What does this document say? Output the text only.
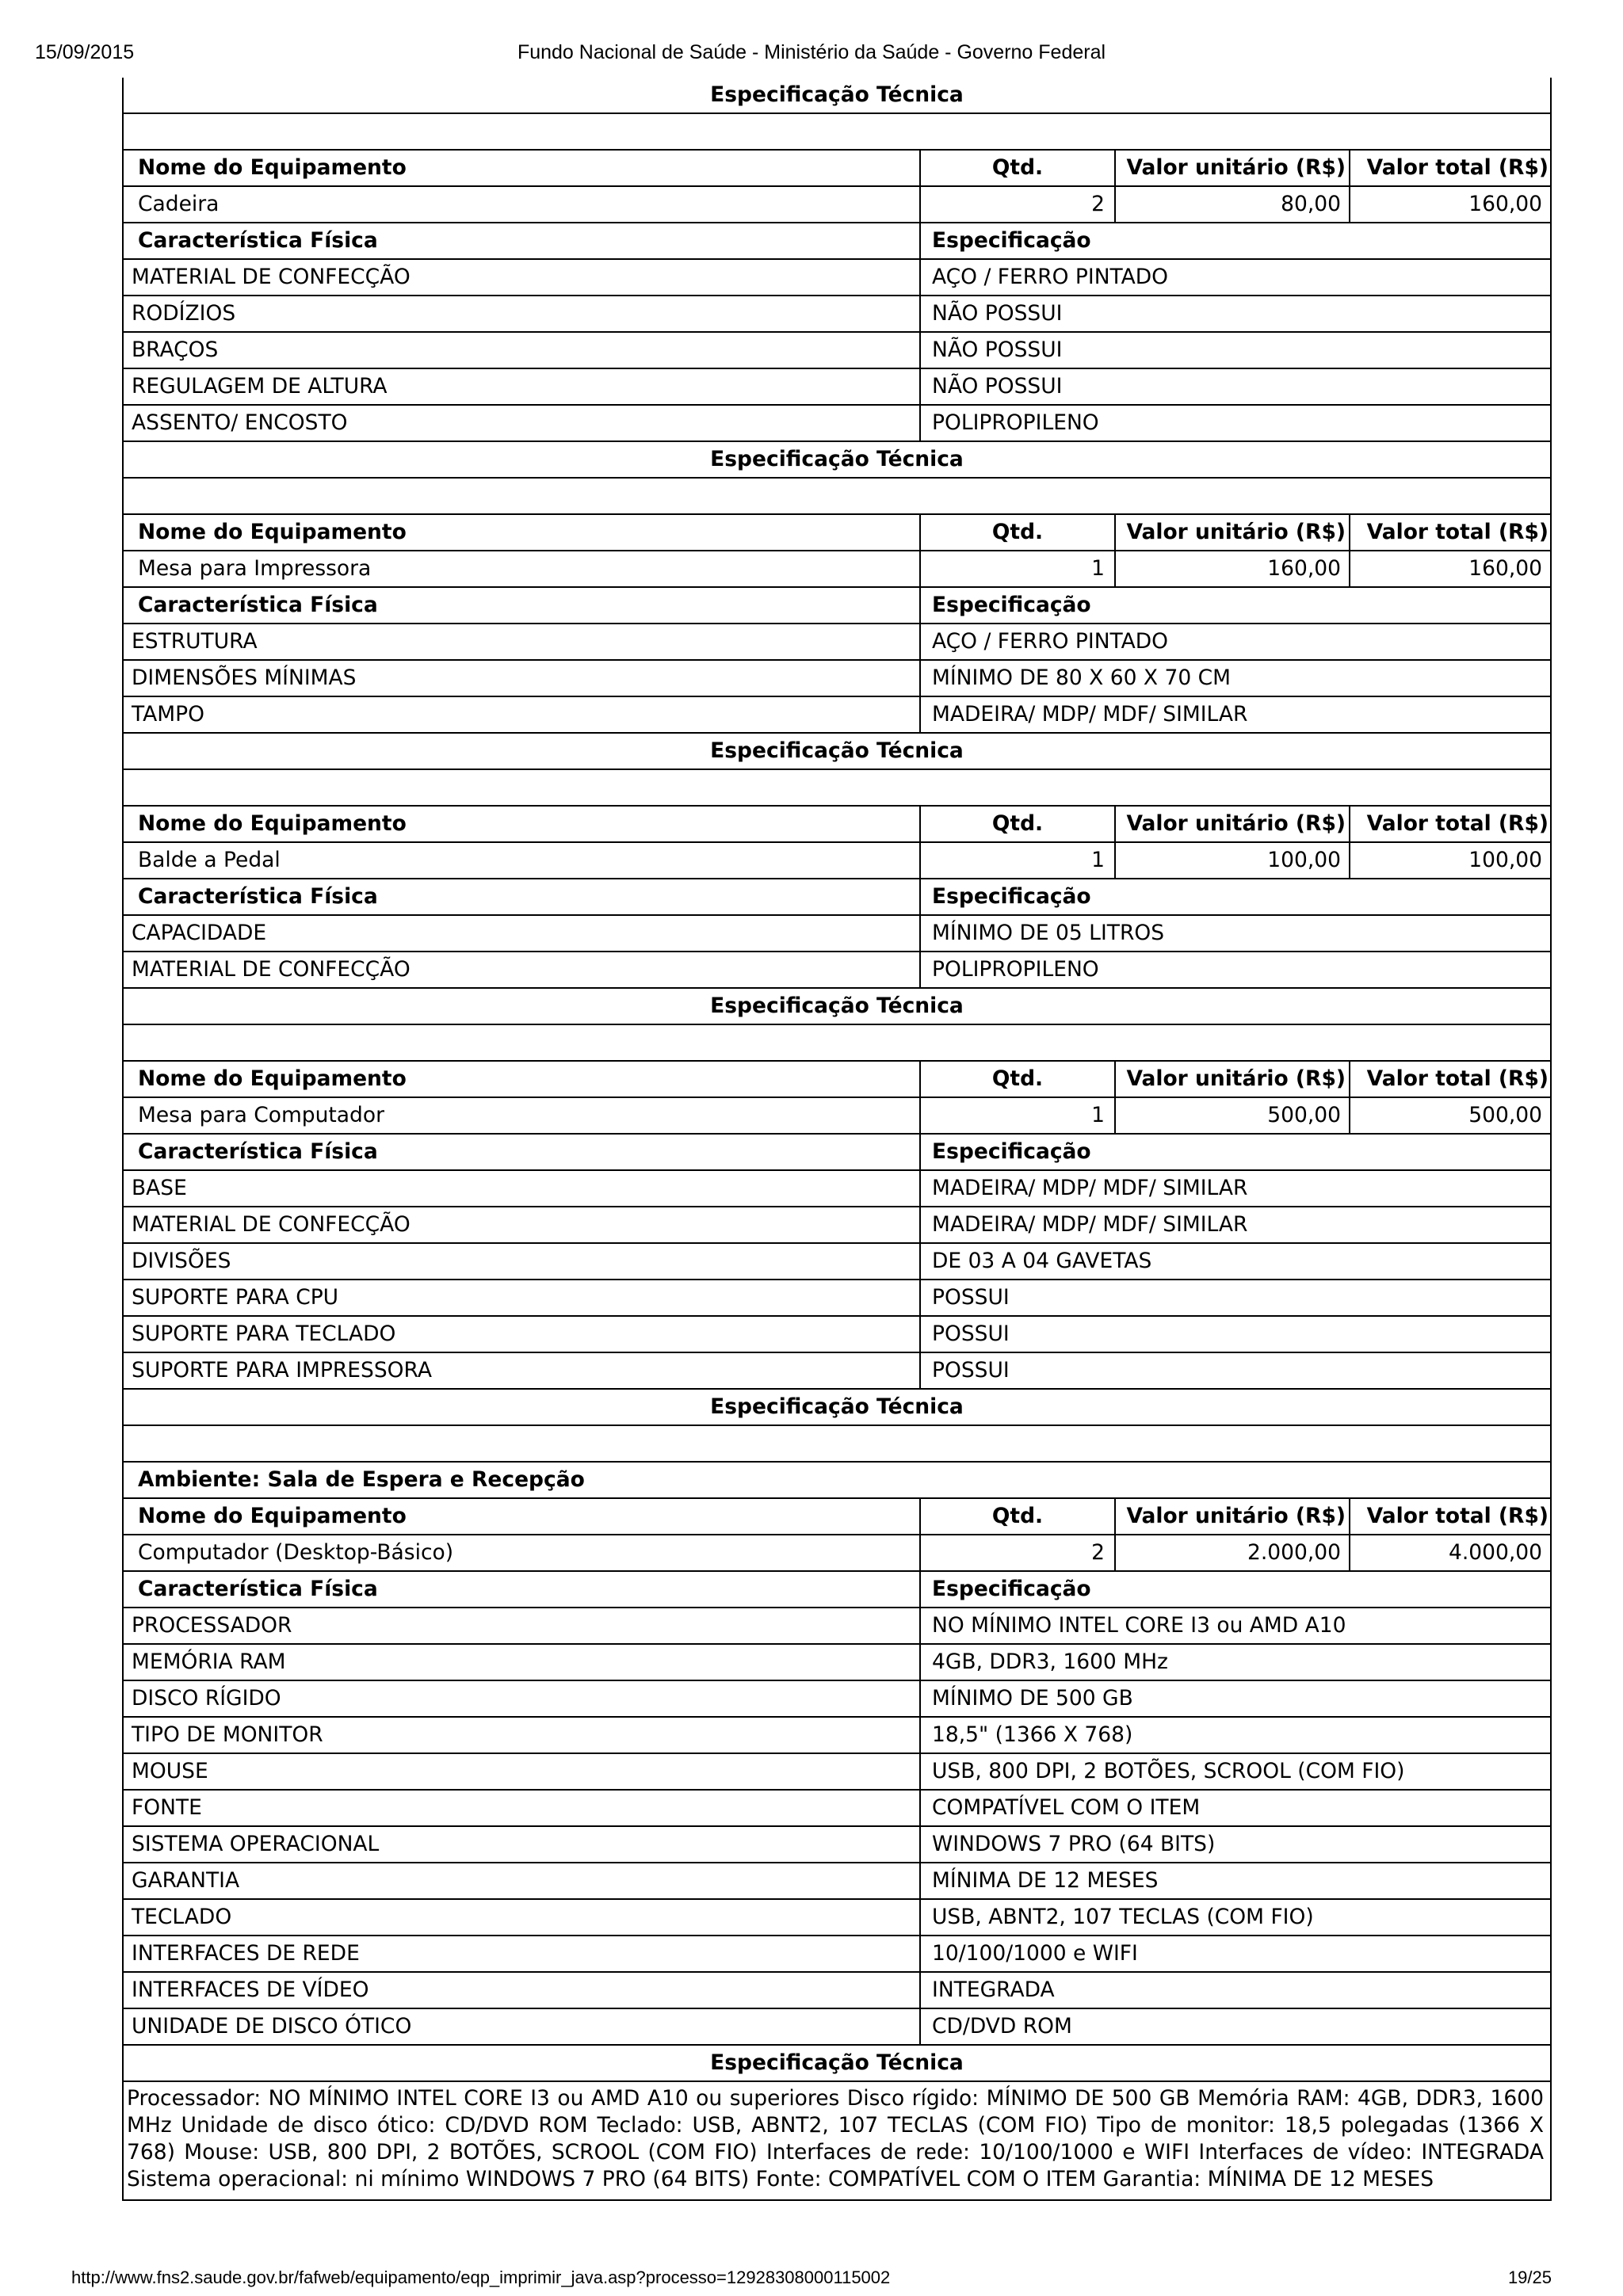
15/09/2015	Fundo Nacional de Saúde - Ministério da Saúde - Governo Federal
Especificação Técnica
Nome do Equipamento	Qtd.	Valor unitário (R$)	Valor total (R$)
Cadeira	2	80,00	160,00
Característica Física	Especificação
MATERIAL DE CONFECÇÃO	AÇO / FERRO PINTADO
RODÍZIOS	NÃO POSSUI
BRAÇOS	NÃO POSSUI
REGULAGEM DE ALTURA	NÃO POSSUI
ASSENTO/ ENCOSTO	POLIPROPILENO
Especificação Técnica
Nome do Equipamento	Qtd.	Valor unitário (R$)	Valor total (R$)
Mesa para Impressora	1	160,00	160,00
Característica Física	Especificação
ESTRUTURA	AÇO / FERRO PINTADO
DIMENSÕES MÍNIMAS	MÍNIMO DE 80 X 60 X 70 CM
TAMPO	MADEIRA/ MDP/ MDF/ SIMILAR
Especificação Técnica
Nome do Equipamento	Qtd.	Valor unitário (R$)	Valor total (R$)
Balde a Pedal	1	100,00	100,00
Característica Física	Especificação
CAPACIDADE	MÍNIMO DE 05 LITROS
MATERIAL DE CONFECÇÃO	POLIPROPILENO
Especificação Técnica
Nome do Equipamento	Qtd.	Valor unitário (R$)	Valor total (R$)
Mesa para Computador	1	500,00	500,00
Característica Física	Especificação
BASE	MADEIRA/ MDP/ MDF/ SIMILAR
MATERIAL DE CONFECÇÃO	MADEIRA/ MDP/ MDF/ SIMILAR
DIVISÕES	DE 03 A 04 GAVETAS
SUPORTE PARA CPU	POSSUI
SUPORTE PARA TECLADO	POSSUI
SUPORTE PARA IMPRESSORA	POSSUI
Especificação Técnica
Ambiente: Sala de Espera e Recepção
Nome do Equipamento	Qtd.	Valor unitário (R$)	Valor total (R$)
Computador (Desktop-Básico)	2	2.000,00	4.000,00
Característica Física	Especificação
PROCESSADOR	NO MÍNIMO INTEL CORE I3 ou AMD A10
MEMÓRIA RAM	4GB, DDR3, 1600 MHz
DISCO RÍGIDO	MÍNIMO DE 500 GB
TIPO DE MONITOR	18,5" (1366 X 768)
MOUSE	USB, 800 DPI, 2 BOTÕES, SCROOL (COM FIO)
FONTE	COMPATÍVEL COM O ITEM
SISTEMA OPERACIONAL	WINDOWS 7 PRO (64 BITS)
GARANTIA	MÍNIMA DE 12 MESES
TECLADO	USB, ABNT2, 107 TECLAS (COM FIO)
INTERFACES DE REDE	10/100/1000 e WIFI
INTERFACES DE VÍDEO	INTEGRADA
UNIDADE DE DISCO ÓTICO	CD/DVD ROM
Especificação Técnica
Processador: NO MÍNIMO INTEL CORE I3 ou AMD A10 ou superiores Disco rígido: MÍNIMO DE 500 GB Memória RAM: 4GB, DDR3, 1600 MHz Unidade de disco ótico: CD/DVD ROM Teclado: USB, ABNT2, 107 TECLAS (COM FIO) Tipo de monitor: 18,5 polegadas (1366 X 768) Mouse: USB, 800 DPI, 2 BOTÕES, SCROOL (COM FIO) Interfaces de rede: 10/100/1000 e WIFI Interfaces de vídeo: INTEGRADA Sistema operacional: ni mínimo WINDOWS 7 PRO (64 BITS) Fonte: COMPATÍVEL COM O ITEM Garantia: MÍNIMA DE 12 MESES
http://www.fns2.saude.gov.br/fafweb/equipamento/eqp_imprimir_java.asp?processo=12928308000115002	19/25
